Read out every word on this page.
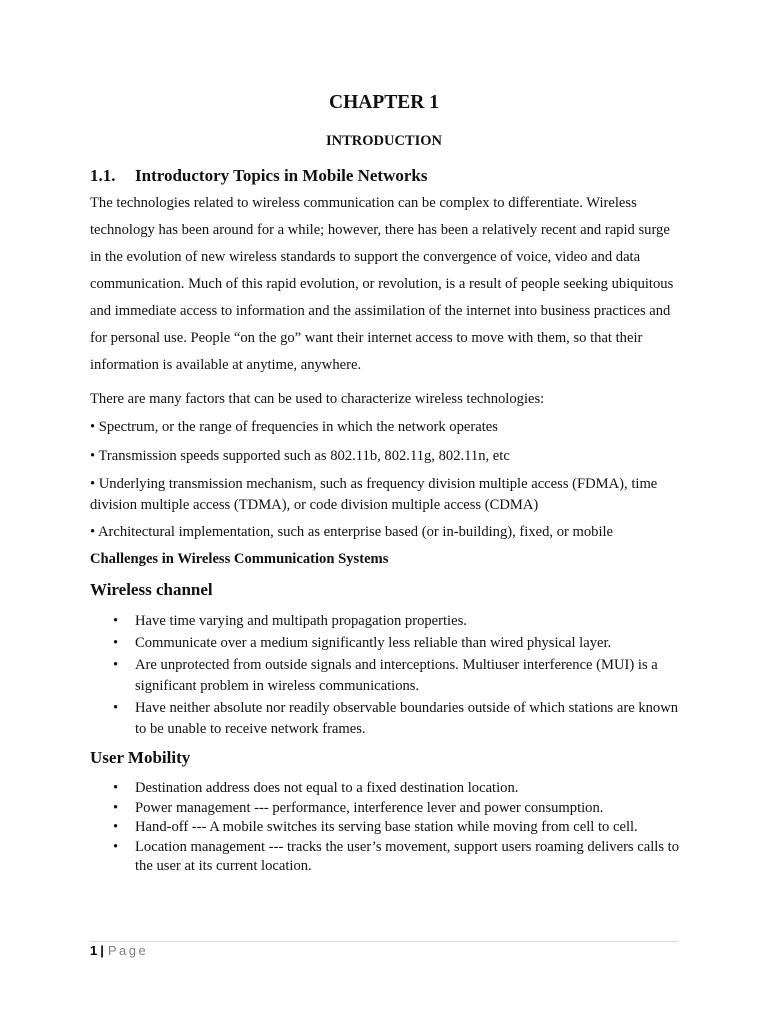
CHAPTER 1
INTRODUCTION
1.1. Introductory Topics in Mobile Networks
The technologies related to wireless communication can be complex to differentiate. Wireless technology has been around for a while; however, there has been a relatively recent and rapid surge in the evolution of new wireless standards to support the convergence of voice, video and data communication. Much of this rapid evolution, or revolution, is a result of people seeking ubiquitous and immediate access to information and the assimilation of the internet into business practices and for personal use. People “on the go” want their internet access to move with them, so that their information is available at anytime, anywhere.
There are many factors that can be used to characterize wireless technologies:
• Spectrum, or the range of frequencies in which the network operates
• Transmission speeds supported such as 802.11b, 802.11g, 802.11n, etc
• Underlying transmission mechanism, such as frequency division multiple access (FDMA), time division multiple access (TDMA), or code division multiple access (CDMA)
• Architectural implementation, such as enterprise based (or in-building), fixed, or mobile
Challenges in Wireless Communication Systems
Wireless channel
• Have time varying and multipath propagation properties.
• Communicate over a medium significantly less reliable than wired physical layer.
• Are unprotected from outside signals and interceptions. Multiuser interference (MUI) is a significant problem in wireless communications.
• Have neither absolute nor readily observable boundaries outside of which stations are known to be unable to receive network frames.
User Mobility
• Destination address does not equal to a fixed destination location.
• Power management --- performance, interference lever and power consumption.
• Hand-off --- A mobile switches its serving base station while moving from cell to cell.
• Location management --- tracks the user’s movement, support users roaming delivers calls to the user at its current location.
1 | Page
